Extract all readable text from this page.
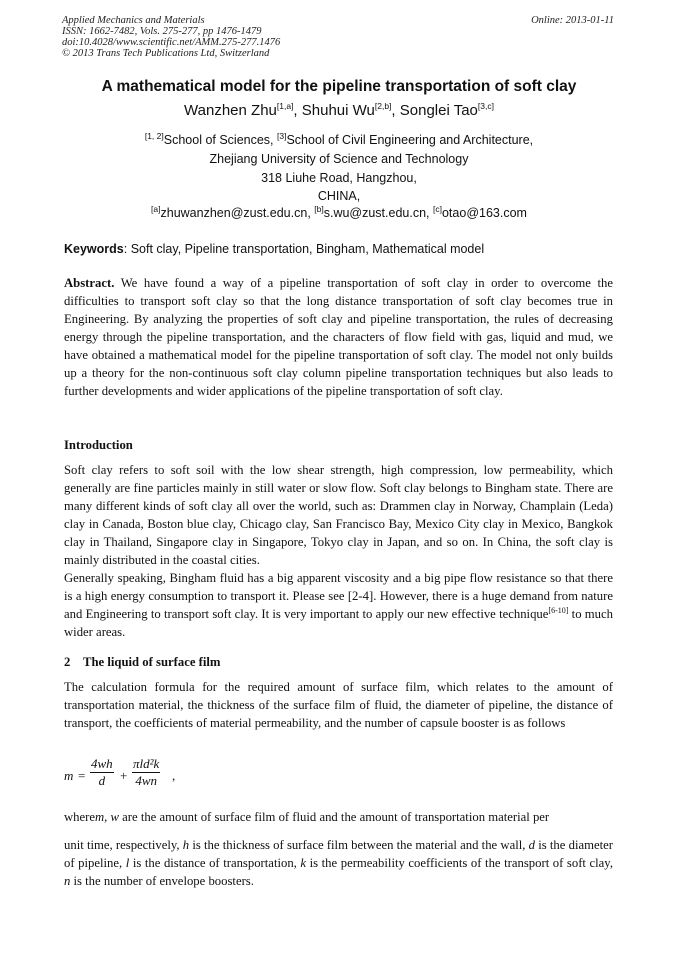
Applied Mechanics and Materials
ISSN: 1662-7482, Vols. 275-277, pp 1476-1479
doi:10.4028/www.scientific.net/AMM.275-277.1476
© 2013 Trans Tech Publications Ltd, Switzerland
Online: 2013-01-11
A mathematical model for the pipeline transportation of soft clay
Wanzhen Zhu[1,a], Shuhui Wu[2,b], Songlei Tao[3,c]
[1, 2]School of Sciences, [3]School of Civil Engineering and Architecture,
Zhejiang University of Science and Technology
318 Liuhe Road, Hangzhou,
CHINA,
[a]zhuwanzhen@zust.edu.cn, [b]s.wu@zust.edu.cn, [c]otao@163.com
Keywords: Soft clay, Pipeline transportation, Bingham, Mathematical model
Abstract. We have found a way of a pipeline transportation of soft clay in order to overcome the difficulties to transport soft clay so that the long distance transportation of soft clay becomes true in Engineering. By analyzing the properties of soft clay and pipeline transportation, the rules of decreasing energy through the pipeline transportation, and the characters of flow field with gas, liquid and mud, we have obtained a mathematical model for the pipeline transportation of soft clay. The model not only builds up a theory for the non-continuous soft clay column pipeline transportation techniques but also leads to further developments and wider applications of the pipeline transportation of soft clay.
Introduction
Soft clay refers to soft soil with the low shear strength, high compression, low permeability, which generally are fine particles mainly in still water or slow flow. Soft clay belongs to Bingham state. There are many different kinds of soft clay all over the world, such as: Drammen clay in Norway, Champlain (Leda) clay in Canada, Boston blue clay, Chicago clay, San Francisco Bay, Mexico City clay in Mexico, Bangkok clay in Thailand, Singapore clay in Singapore, Tokyo clay in Japan, and so on. In China, the soft clay is mainly distributed in the coastal cities.
Generally speaking, Bingham fluid has a big apparent viscosity and a big pipe flow resistance so that there is a high energy consumption to transport it. Please see [2-4]. However, there is a huge demand from nature and Engineering to transport soft clay. It is very important to apply our new effective technique[6-10] to much wider areas.
2 The liquid of surface film
The calculation formula for the required amount of surface film, which relates to the amount of transportation material, the thickness of the surface film of fluid, the diameter of pipeline, the distance of transport, the coefficients of material permeability, and the number of capsule booster is as follows
$m = \frac{4wh}{d}$ +
πld²k
4wn ,
wherem, w are the amount of surface film of fluid and the amount of transportation material per
unit time, respectively, h is the thickness of surface film between the material and the wall, d is the diameter of pipeline, l is the distance of transportation, k is the permeability coefficients of the transport of soft clay, n is the number of envelope boosters.
